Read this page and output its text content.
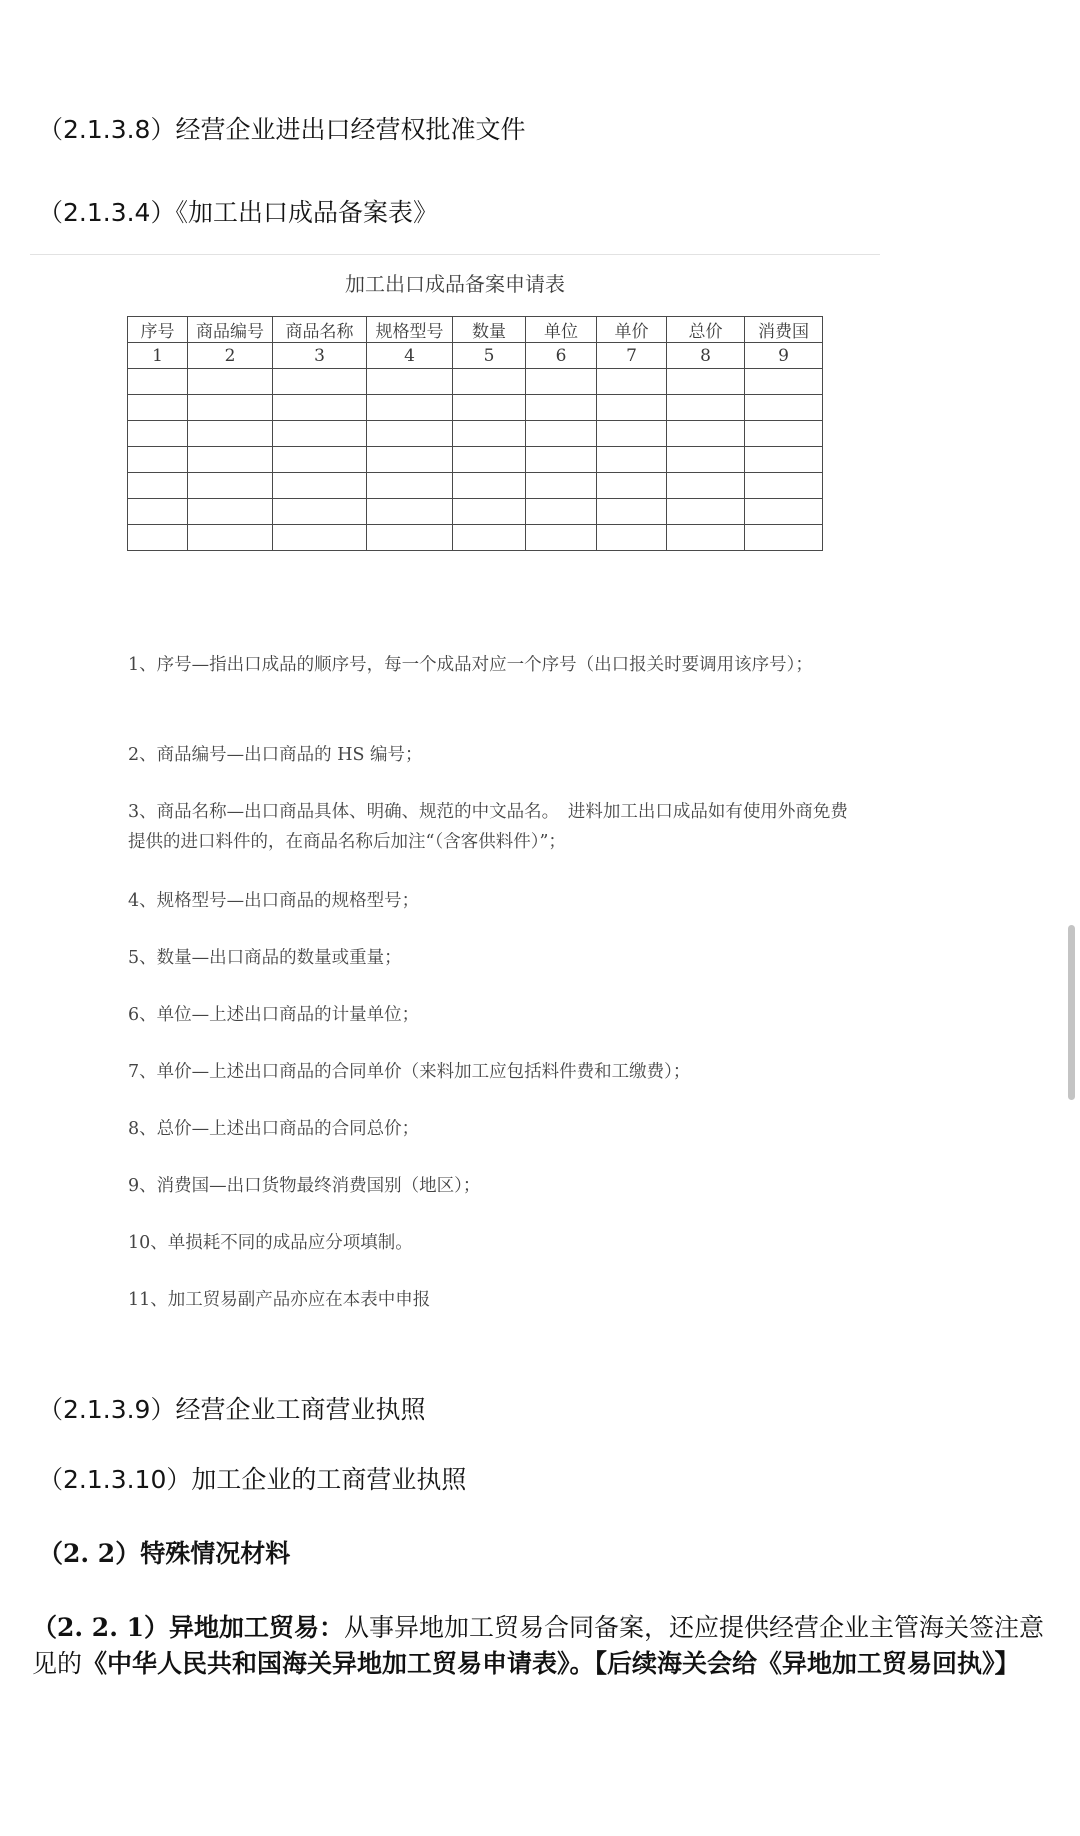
（2.1.3.8）经营企业进出口经营权批准文件
（2.1.3.4）《加工出口成品备案表》
加工出口成品备案申请表
序号	商品编号	商品名称	规格型号	数量	单位	单价	总价	消费国
1	2	3	4	5	6	7	8	9

1、序号—指出口成品的顺序号，每一个成品对应一个序号（出口报关时要调用该序号）；
2、商品编号—出口商品的 HS 编号；
3、商品名称—出口商品具体、明确、规范的中文品名。　进料加工出口成品如有使用外商免费提供的进口料件的，在商品名称后加注“（含客供料件）”；
4、规格型号—出口商品的规格型号；
5、数量—出口商品的数量或重量；
6、单位—上述出口商品的计量单位；
7、单价—上述出口商品的合同单价（来料加工应包括料件费和工缴费）；
8、总价—上述出口商品的合同总价；
9、消费国—出口货物最终消费国别（地区）；
10、单损耗不同的成品应分项填制。
11、加工贸易副产品亦应在本表中申报
（2.1.3.9）经营企业工商营业执照
（2.1.3.10）加工企业的工商营业执照
（2. 2）特殊情况材料
（2. 2. 1）异地加工贸易：从事异地加工贸易合同备案，还应提供经营企业主管海关签注意见的《中华人民共和国海关异地加工贸易申请表》。【后续海关会给《异地加工贸易回执》】
